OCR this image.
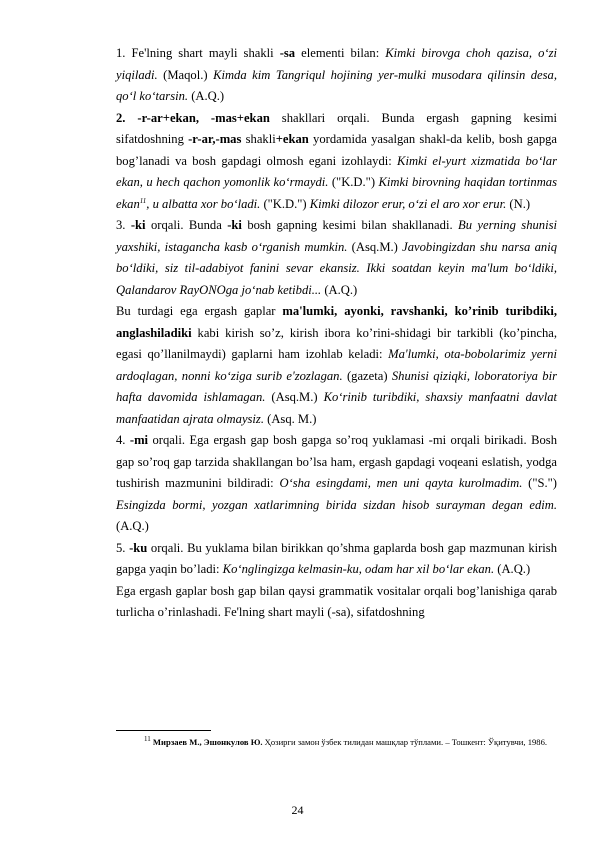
1. Fe'lning shart mayli shakli -sa elementi bilan: Kimki birovga choh qazisa, o‘zi yiqiladi. (Maqol.) Kimda kim Tangriqul hojining yer-mulki musodara qilinsin desa, qo‘l ko‘tarsin. (A.Q.)

2. -r-ar+ekan, -mas+ekan shakllari orqali. Bunda ergash gapning kesimi sifatdoshning -r-ar,-mas shakli+ekan yordamida yasalgan shakl-da kelib, bosh gapga bog’lanadi va bosh gapdagi olmosh egani izohlaydi: Kimki el-yurt xizmatida bo‘lar ekan, u hech qachon yomonlik ko‘rmaydi. ("K.D.") Kimki birovning haqidan tortinmas ekan$^{11}$, u albatta xor bo‘ladi. ("K.D.") Kimki dilozor erur, o‘zi el aro xor erur. (N.)

3. -ki orqali. Bunda -ki bosh gapning kesimi bilan shakllanadi. Bu yerning shunisi yaxshiki, istagancha kasb o‘rganish mumkin. (Asq.M.) Javobingizdan shu narsa aniq bo‘ldiki, siz til-adabiyot fanini sevar ekansiz. Ikki soatdan keyin ma'lum bo‘ldiki, Qalandarov RayONOga jo‘nab ketibdi... (A.Q.)

Bu turdagi ega ergash gaplar ma'lumki, ayonki, ravshanki, ko’rinib turibdiki, anglashiladiki kabi kirish so’z, kirish ibora ko’rini-shidagi bir tarkibli (ko’pincha, egasi qo’llanilmaydi) gaplarni ham izohlab keladi: Ma'lumki, ota-bobolarimiz yerni ardoqlagan, nonni ko‘ziga surib e'zozlagan. (gazeta) Shunisi qiziqki, loboratoriya bir hafta davomida ishlamagan. (Asq.M.) Ko‘rinib turibdiki, shaxsiy manfaatni davlat manfaatidan ajrata olmaysiz. (Asq. M.)

4. -mi orqali. Ega ergash gap bosh gapga so’roq yuklamasi -mi orqali birikadi. Bosh gap so’roq gap tarzida shakllangan bo’lsa ham, ergash gapdagi voqeani eslatish, yodga tushirish mazmunini bildiradi: O‘sha esingdami, men uni qayta kurolmadim. ("S.") Esingizda bormi, yozgan xatlarimning birida sizdan hisob surayman degan edim. (A.Q.)

5. -ku orqali. Bu yuklama bilan birikkan qo’shma gaplarda bosh gap mazmunan kirish gapga yaqin bo’ladi: Ko‘nglingizga kelmasin-ku, odam har xil bo‘lar ekan. (A.Q.)

Ega ergash gaplar bosh gap bilan qaysi grammatik vositalar orqali bog’lanishiga qarab turlicha o’rinlashadi. Fe'lning shart mayli (-sa), sifatdoshning

$^{11}$ Мирзаев М., Эшонкулов Ю. Ҳозирги замон ўзбек тилидан машқлар тўплами. – Тошкент: Ўқитувчи, 1986.
24
